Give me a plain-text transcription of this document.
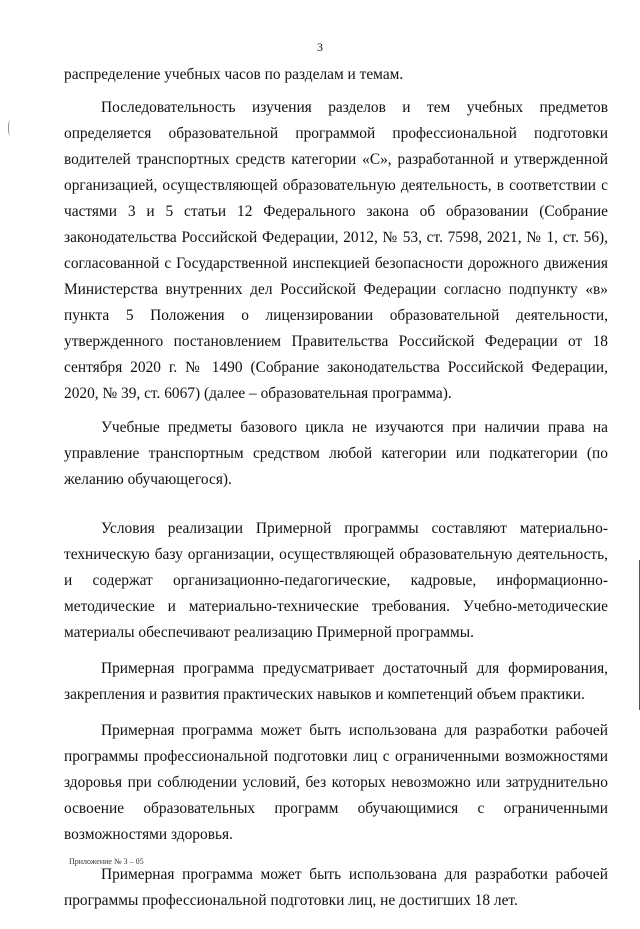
3

распределение учебных часов по разделам и темам.

Последовательность изучения разделов и тем учебных предметов определяется образовательной программой профессиональной подготовки водителей транспортных средств категории «С», разработанной и утвержденной организацией, осуществляющей образовательную деятельность, в соответствии с частями 3 и 5 статьи 12 Федерального закона об образовании (Собрание законодательства Российской Федерации, 2012, № 53, ст. 7598, 2021, № 1, ст. 56), согласованной с Государственной инспекцией безопасности дорожного движения Министерства внутренних дел Российской Федерации согласно подпункту «в» пункта 5 Положения о лицензировании образовательной деятельности, утвержденного постановлением Правительства Российской Федерации от 18 сентября 2020 г. № 1490 (Собрание законодательства Российской Федерации, 2020, № 39, ст. 6067) (далее – образовательная программа).

Учебные предметы базового цикла не изучаются при наличии права на управление транспортным средством любой категории или подкатегории (по желанию обучающегося).

Условия реализации Примерной программы составляют материально-техническую базу организации, осуществляющей образовательную деятельность, и содержат организационно-педагогические, кадровые, информационно-методические и материально-технические требования. Учебно-методические материалы обеспечивают реализацию Примерной программы.

Примерная программа предусматривает достаточный для формирования, закрепления и развития практических навыков и компетенций объем практики.

Примерная программа может быть использована для разработки рабочей программы профессиональной подготовки лиц с ограниченными возможностями здоровья при соблюдении условий, без которых невозможно или затруднительно освоение образовательных программ обучающимися с ограниченными возможностями здоровья.

Примерная программа может быть использована для разработки рабочей программы профессиональной подготовки лиц, не достигших 18 лет.

Приложение № 3 – 05
